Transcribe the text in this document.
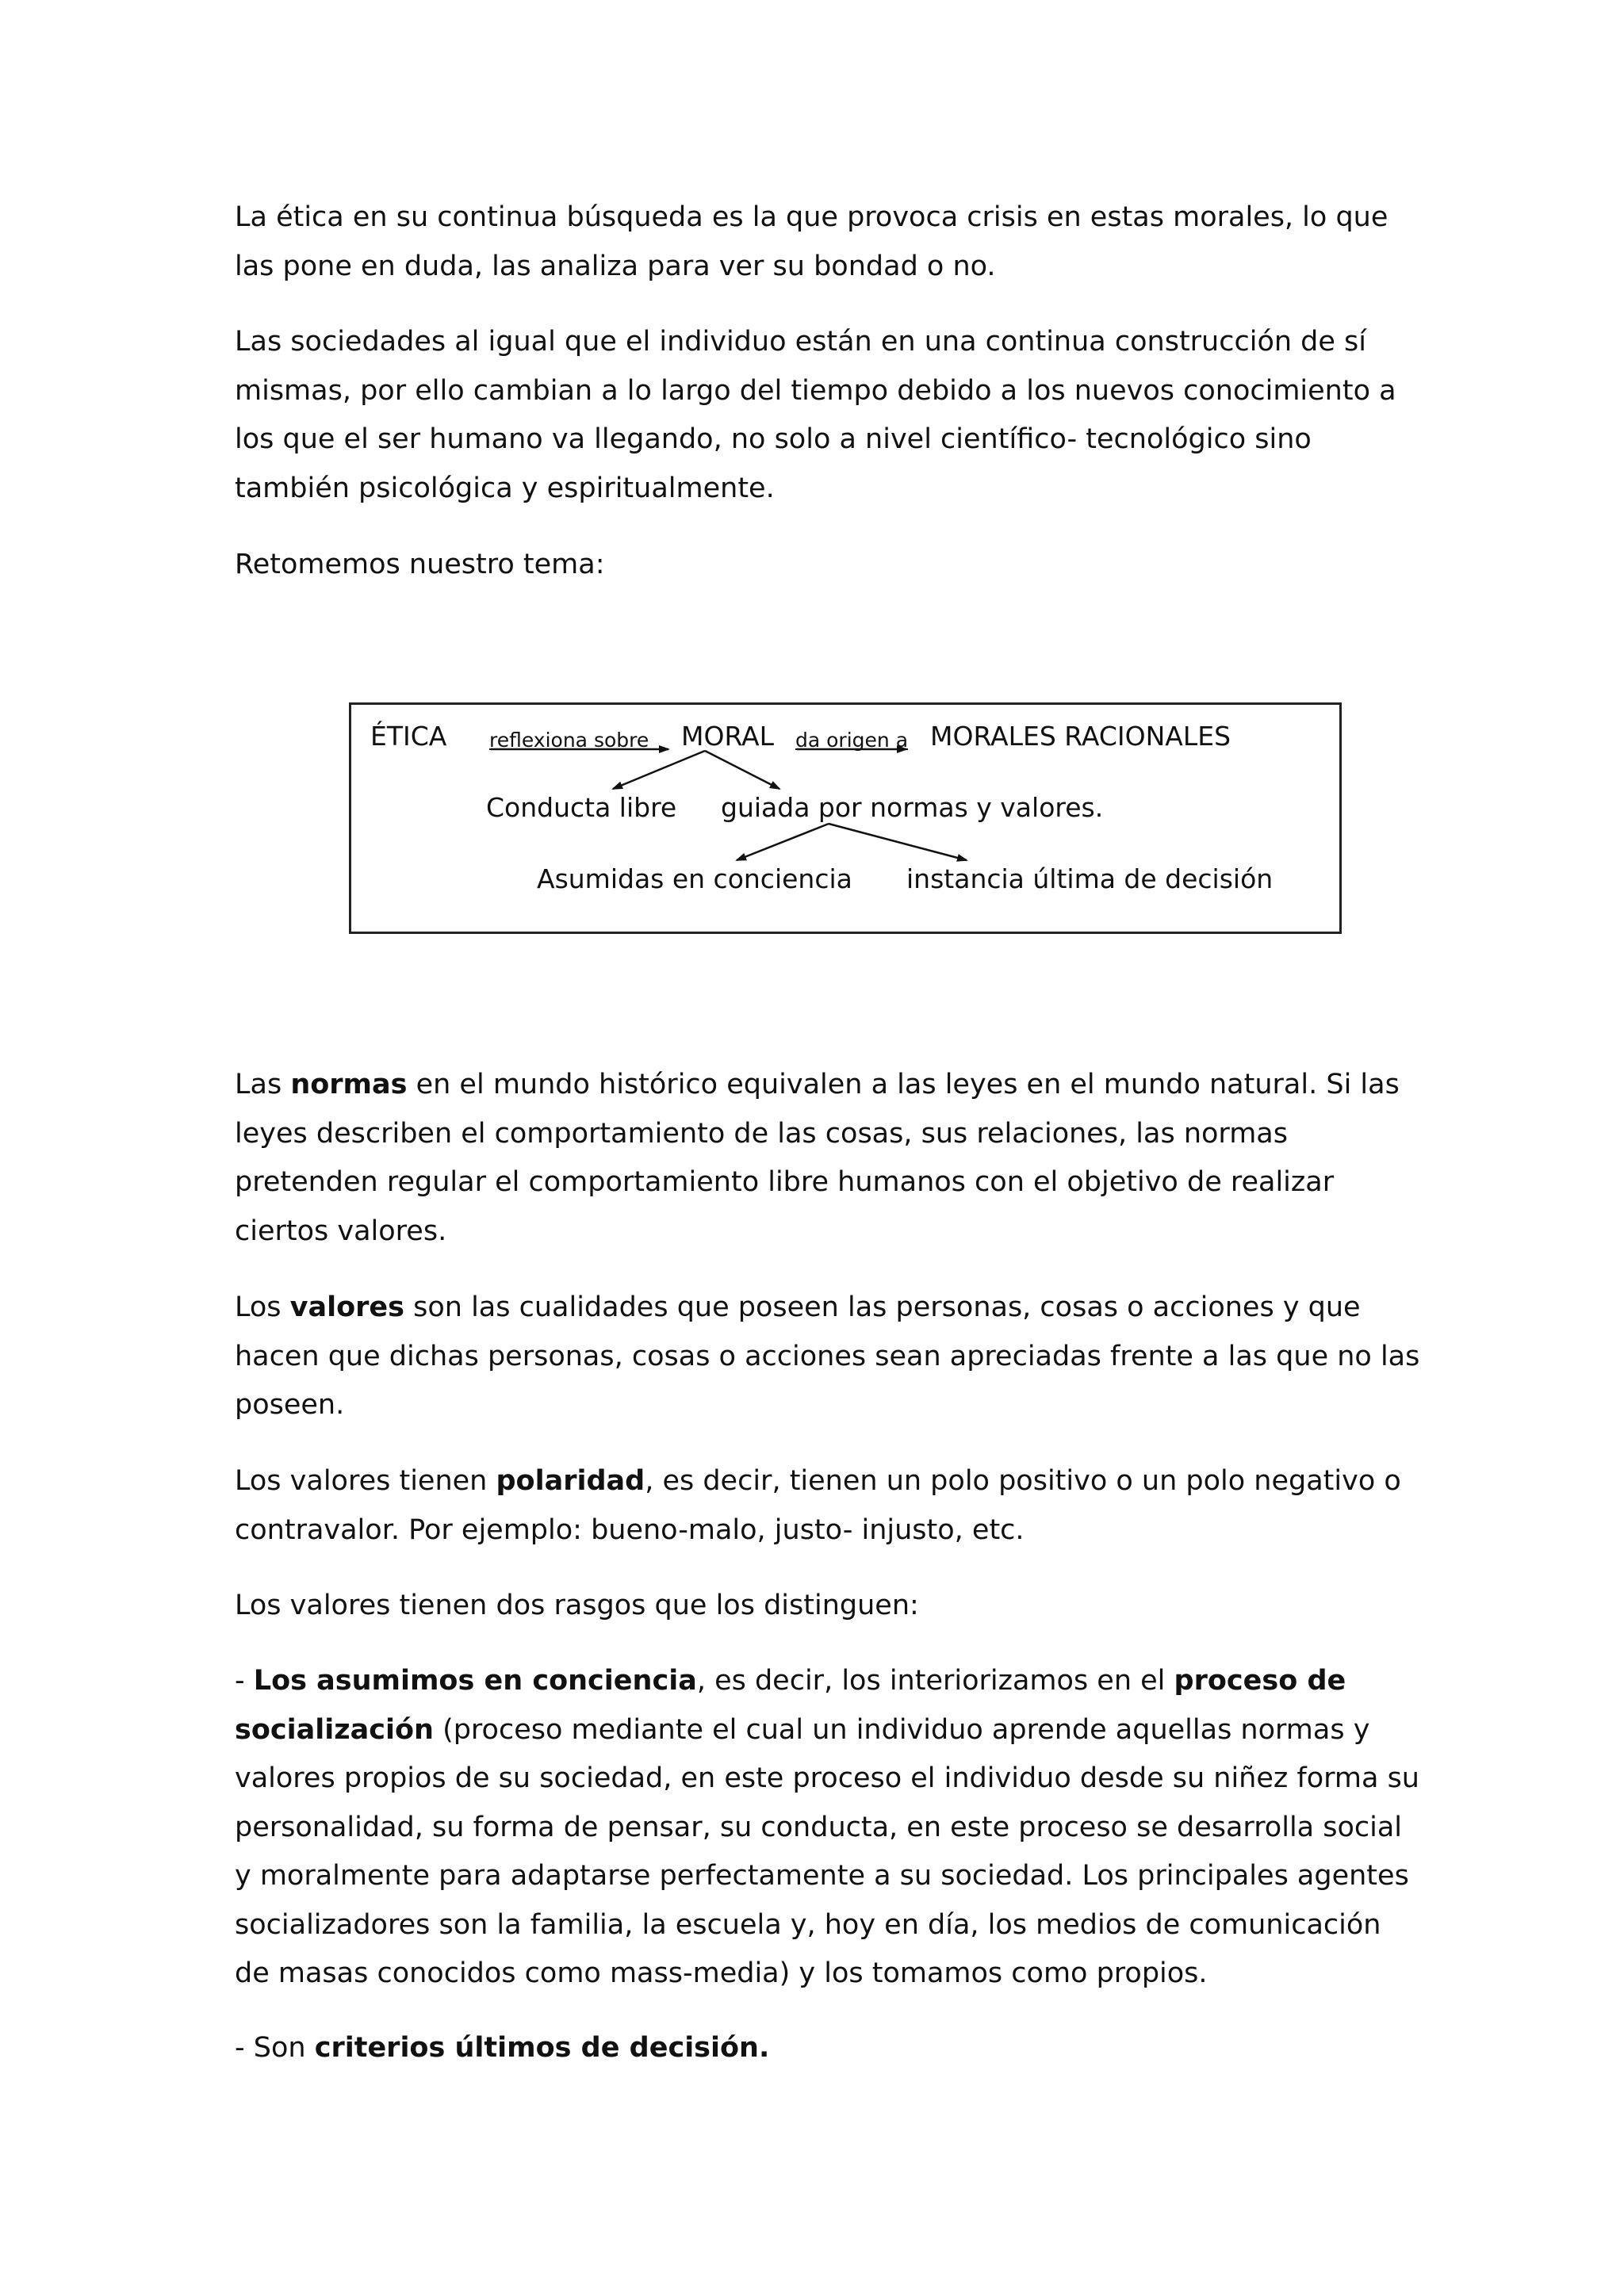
La ética en su continua búsqueda es la que provoca crisis en estas morales, lo que las pone en duda, las analiza para ver su bondad o no.

Las sociedades al igual que el individuo están en una continua construcción de sí mismas, por ello cambian a lo largo del tiempo debido a los nuevos conocimiento a los que el ser humano va llegando, no solo a nivel científico- tecnológico sino también psicológica y espiritualmente.

Retomemos nuestro tema:

ÉTICA reflexiona sobre MORAL da origen a MORALES RACIONALES
Conducta libre guiada por normas y valores.
Asumidas en conciencia instancia última de decisión

Las normas en el mundo histórico equivalen a las leyes en el mundo natural. Si las leyes describen el comportamiento de las cosas, sus relaciones, las normas pretenden regular el comportamiento libre humanos con el objetivo de realizar ciertos valores.

Los valores son las cualidades que poseen las personas, cosas o acciones y que hacen que dichas personas, cosas o acciones sean apreciadas frente a las que no las poseen.

Los valores tienen polaridad, es decir, tienen un polo positivo o un polo negativo o contravalor. Por ejemplo: bueno-malo, justo- injusto, etc.

Los valores tienen dos rasgos que los distinguen:

- Los asumimos en conciencia, es decir, los interiorizamos en el proceso de socialización (proceso mediante el cual un individuo aprende aquellas normas y valores propios de su sociedad, en este proceso el individuo desde su niñez forma su personalidad, su forma de pensar, su conducta, en este proceso se desarrolla social y moralmente para adaptarse perfectamente a su sociedad. Los principales agentes socializadores son la familia, la escuela y, hoy en día, los medios de comunicación de masas conocidos como mass-media) y los tomamos como propios.

- Son criterios últimos de decisión.
